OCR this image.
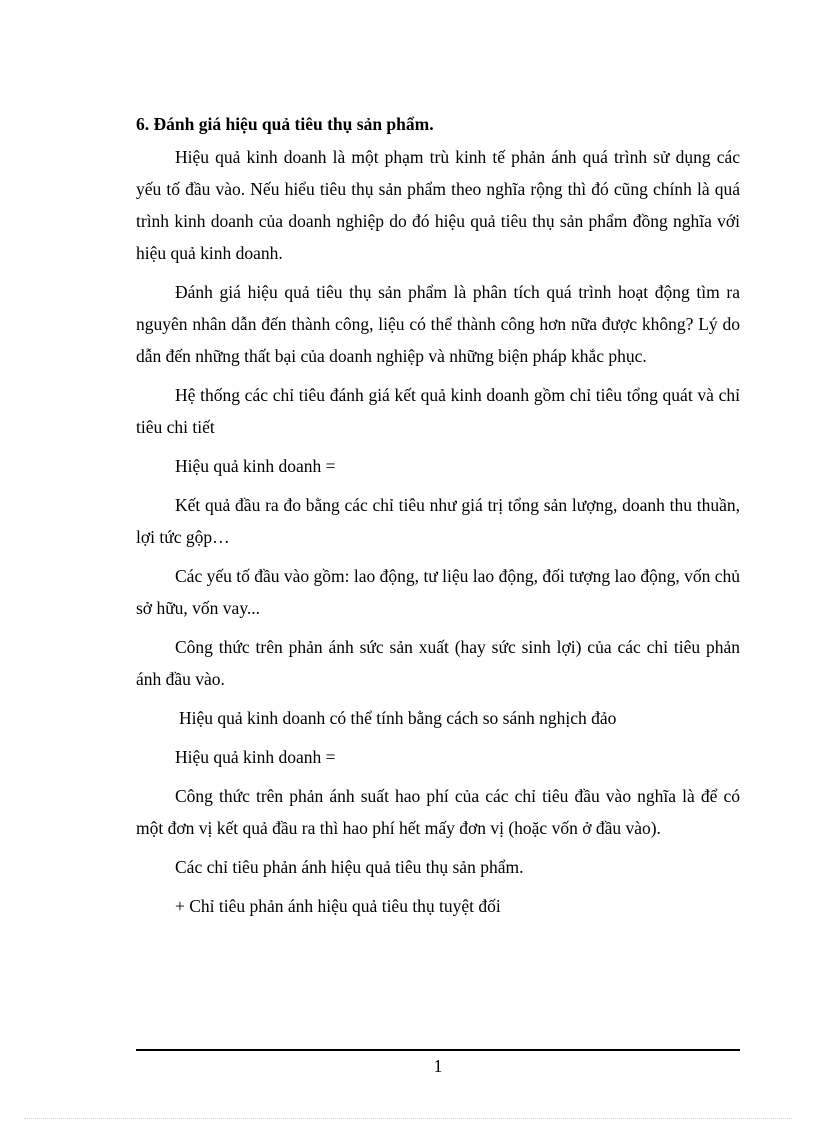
6. Đánh giá hiệu quả tiêu thụ sản phẩm.
Hiệu quả kinh doanh là một phạm trù kinh tế phản ánh quá trình sử dụng các yếu tố đầu vào. Nếu hiểu tiêu thụ sản phẩm theo nghĩa rộng thì đó cũng chính là quá trình kinh doanh của doanh nghiệp do đó hiệu quả tiêu thụ sản phẩm đồng nghĩa với hiệu quả kinh doanh.
Đánh giá hiệu quả tiêu thụ sản phẩm là phân tích quá trình hoạt động tìm ra nguyên nhân dẫn đến thành công, liệu có thể thành công hơn nữa được không? Lý do dẫn đến những thất bại của doanh nghiệp và những biện pháp khắc phục.
Hệ thống các chỉ tiêu đánh giá kết quả kinh doanh gồm chỉ tiêu tổng quát và chỉ tiêu chi tiết
Hiệu quả kinh doanh =
Kết quả đầu ra đo bằng các chỉ tiêu như giá trị tổng sản lượng, doanh thu thuần, lợi tức gộp…
Các yếu tố đầu vào gồm: lao động, tư liệu lao động, đối tượng lao động, vốn chủ sở hữu, vốn vay...
Công thức trên phản ánh sức sản xuất (hay sức sinh lợi) của các chỉ tiêu phản ánh đầu vào.
Hiệu quả kinh doanh có thể tính bằng cách so sánh nghịch đảo
Hiệu quả kinh doanh =
Công thức trên phản ánh suất hao phí của các chỉ tiêu đầu vào nghĩa là để có một đơn vị kết quả đầu ra thì hao phí hết mấy đơn vị (hoặc vốn ở đầu vào).
Các chỉ tiêu phản ánh hiệu quả tiêu thụ sản phẩm.
+ Chỉ tiêu phản ánh hiệu quả tiêu thụ tuyệt đối
1
